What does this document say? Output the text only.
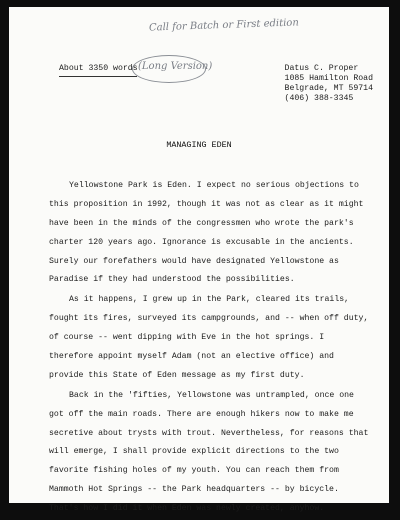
Call for Batch or First edition
About 3350 words (Long Version)	Datus C. Proper
1085 Hamilton Road
Belgrade, MT 59714
(406) 388-3345
MANAGING EDEN
Yellowstone Park is Eden. I expect no serious objections to
this proposition in 1992, though it was not as clear as it might
have been in the minds of the congressmen who wrote the park's
charter 120 years ago. Ignorance is excusable in the ancients.
Surely our forefathers would have designated Yellowstone as
Paradise if they had understood the possibilities.
As it happens, I grew up in the Park, cleared its trails,
fought its fires, surveyed its campgrounds, and -- when off duty,
of course -- went dipping with Eve in the hot springs. I
therefore appoint myself Adam (not an elective office) and
provide this State of Eden message as my first duty.
Back in the 'fifties, Yellowstone was untrampled, once one
got off the main roads. There are enough hikers now to make me
secretive about trysts with trout. Nevertheless, for reasons that
will emerge, I shall provide explicit directions to the two
favorite fishing holes of my youth. You can reach them from
Mammoth Hot Springs -- the Park headquarters -- by bicycle.
That's how I did it when Eden was newly created, anyhow.
